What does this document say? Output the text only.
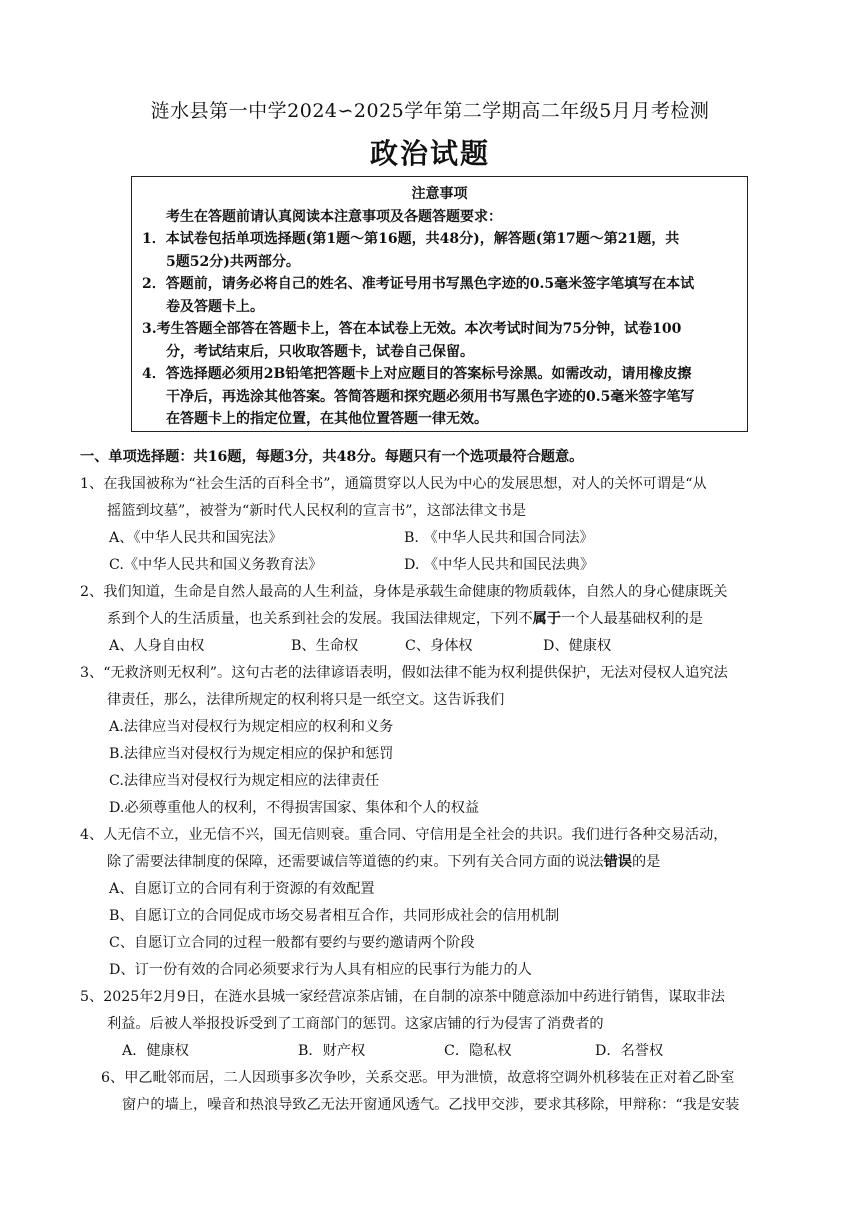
涟水县第一中学2024∽2025学年第二学期高二年级5月月考检测
政治试题
注意事项
考生在答题前请认真阅读本注意事项及各题答题要求：
1．本试卷包括单项选择题(第1题～第16题，共48分)，解答题(第17题～第21题，共
5题52分)共两部分。
2．答题前，请务必将自己的姓名、准考证号用书写黑色字迹的0.5毫米签字笔填写在本试
卷及答题卡上。
3.考生答题全部答在答题卡上，答在本试卷上无效。本次考试时间为75分钟，试卷100
分，考试结束后，只收取答题卡，试卷自己保留。
4．答选择题必须用2B铅笔把答题卡上对应题目的答案标号涂黑。如需改动，请用橡皮擦
干净后，再选涂其他答案。答简答题和探究题必须用书写黑色字迹的0.5毫米签字笔写
在答题卡上的指定位置，在其他位置答题一律无效。
一、单项选择题：共16题，每题3分，共48分。每题只有一个选项最符合题意。
1、在我国被称为“社会生活的百科全书”，通篇贯穿以人民为中心的发展思想，对人的关怀可谓是“从
摇篮到坟墓”，被誉为“新时代人民权利的宣言书”，这部法律文书是
A、《中华人民共和国宪法》	B. 《中华人民共和国合同法》
C.《中华人民共和国义务教育法》	D. 《中华人民共和国民法典》
2、我们知道，生命是自然人最高的人生利益，身体是承载生命健康的物质载体，自然人的身心健康既关
系到个人的生活质量，也关系到社会的发展。我国法律规定，下列不属于一个人最基础权利的是
A、人身自由权	B、生命权	C、身体权	D、健康权
3、“无救济则无权利”。这句古老的法律谚语表明，假如法律不能为权利提供保护，无法对侵权人追究法
律责任，那么，法律所规定的权利将只是一纸空文。这告诉我们
A.法律应当对侵权行为规定相应的权利和义务
B.法律应当对侵权行为规定相应的保护和惩罚
C.法律应当对侵权行为规定相应的法律责任
D.必须尊重他人的权利，不得损害国家、集体和个人的权益
4、人无信不立，业无信不兴，国无信则衰。重合同、守信用是全社会的共识。我们进行各种交易活动，
除了需要法律制度的保障，还需要诚信等道德的约束。下列有关合同方面的说法错误的是
A、自愿订立的合同有利于资源的有效配置
B、自愿订立的合同促成市场交易者相互合作，共同形成社会的信用机制
C、自愿订立合同的过程一般都有要约与要约邀请两个阶段
D、订一份有效的合同必须要求行为人具有相应的民事行为能力的人
5、2025年2月9日，在涟水县城一家经营凉茶店铺，在自制的凉茶中随意添加中药进行销售，谋取非法
利益。后被人举报投诉受到了工商部门的惩罚。这家店铺的行为侵害了消费者的
A．健康权	B．财产权	C．隐私权	D．名誉权
6、甲乙毗邻而居，二人因琐事多次争吵，关系交恶。甲为泄愤，故意将空调外机移装在正对着乙卧室
窗户的墙上，噪音和热浪导致乙无法开窗通风透气。乙找甲交涉，要求其移除，甲辩称：“我是安装
